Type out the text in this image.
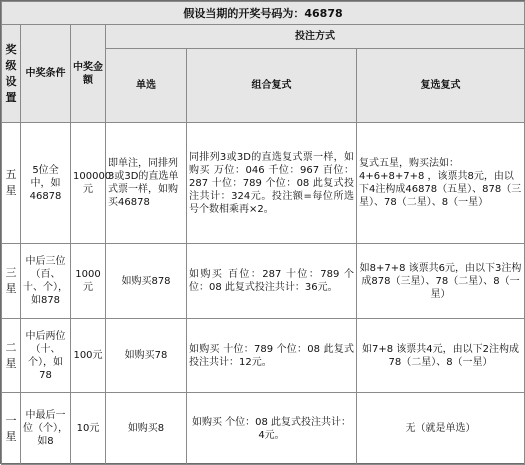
假设当期的开奖号码为：46878					
奖级设置	中奖条件	中奖金额	投注方式		
			单选	组合复式	复选复式
五星	5位全中，如46878	100000元	即单注，同排列3或3D的直选单式票一样，如购买46878	同排列3或3D的直选复式票一样，如购买 万位：046 千位：967 百位：287 十位：789 个位：08 此复式投注共计：324元。投注额=每位所选号个数相乘再×2。	复式五星，购买法如：4+6+8+7+8 ，该票共8元，由以下4注构成46878（五星）、878（三星）、78（二星）、8（一星）
三星	中后三位（百、十、个），如878	1000元	如购买878	如购买 百位：287 十位：789 个位：08 此复式投注共计：36元。	如8+7+8 该票共6元，由以下3注构成878（三星）、78（二星）、8（一星）
二星	中后两位（十、个），如78	100元	如购买78	如购买 十位：789 个位：08 此复式投注共计：12元。	如7+8 该票共4元，由以下2注构成78（二星）、8（一星）
一星	中最后一位（个），如8	10元	如购买8	如购买 个位：08 此复式投注共计：4元。	无（就是单选）
